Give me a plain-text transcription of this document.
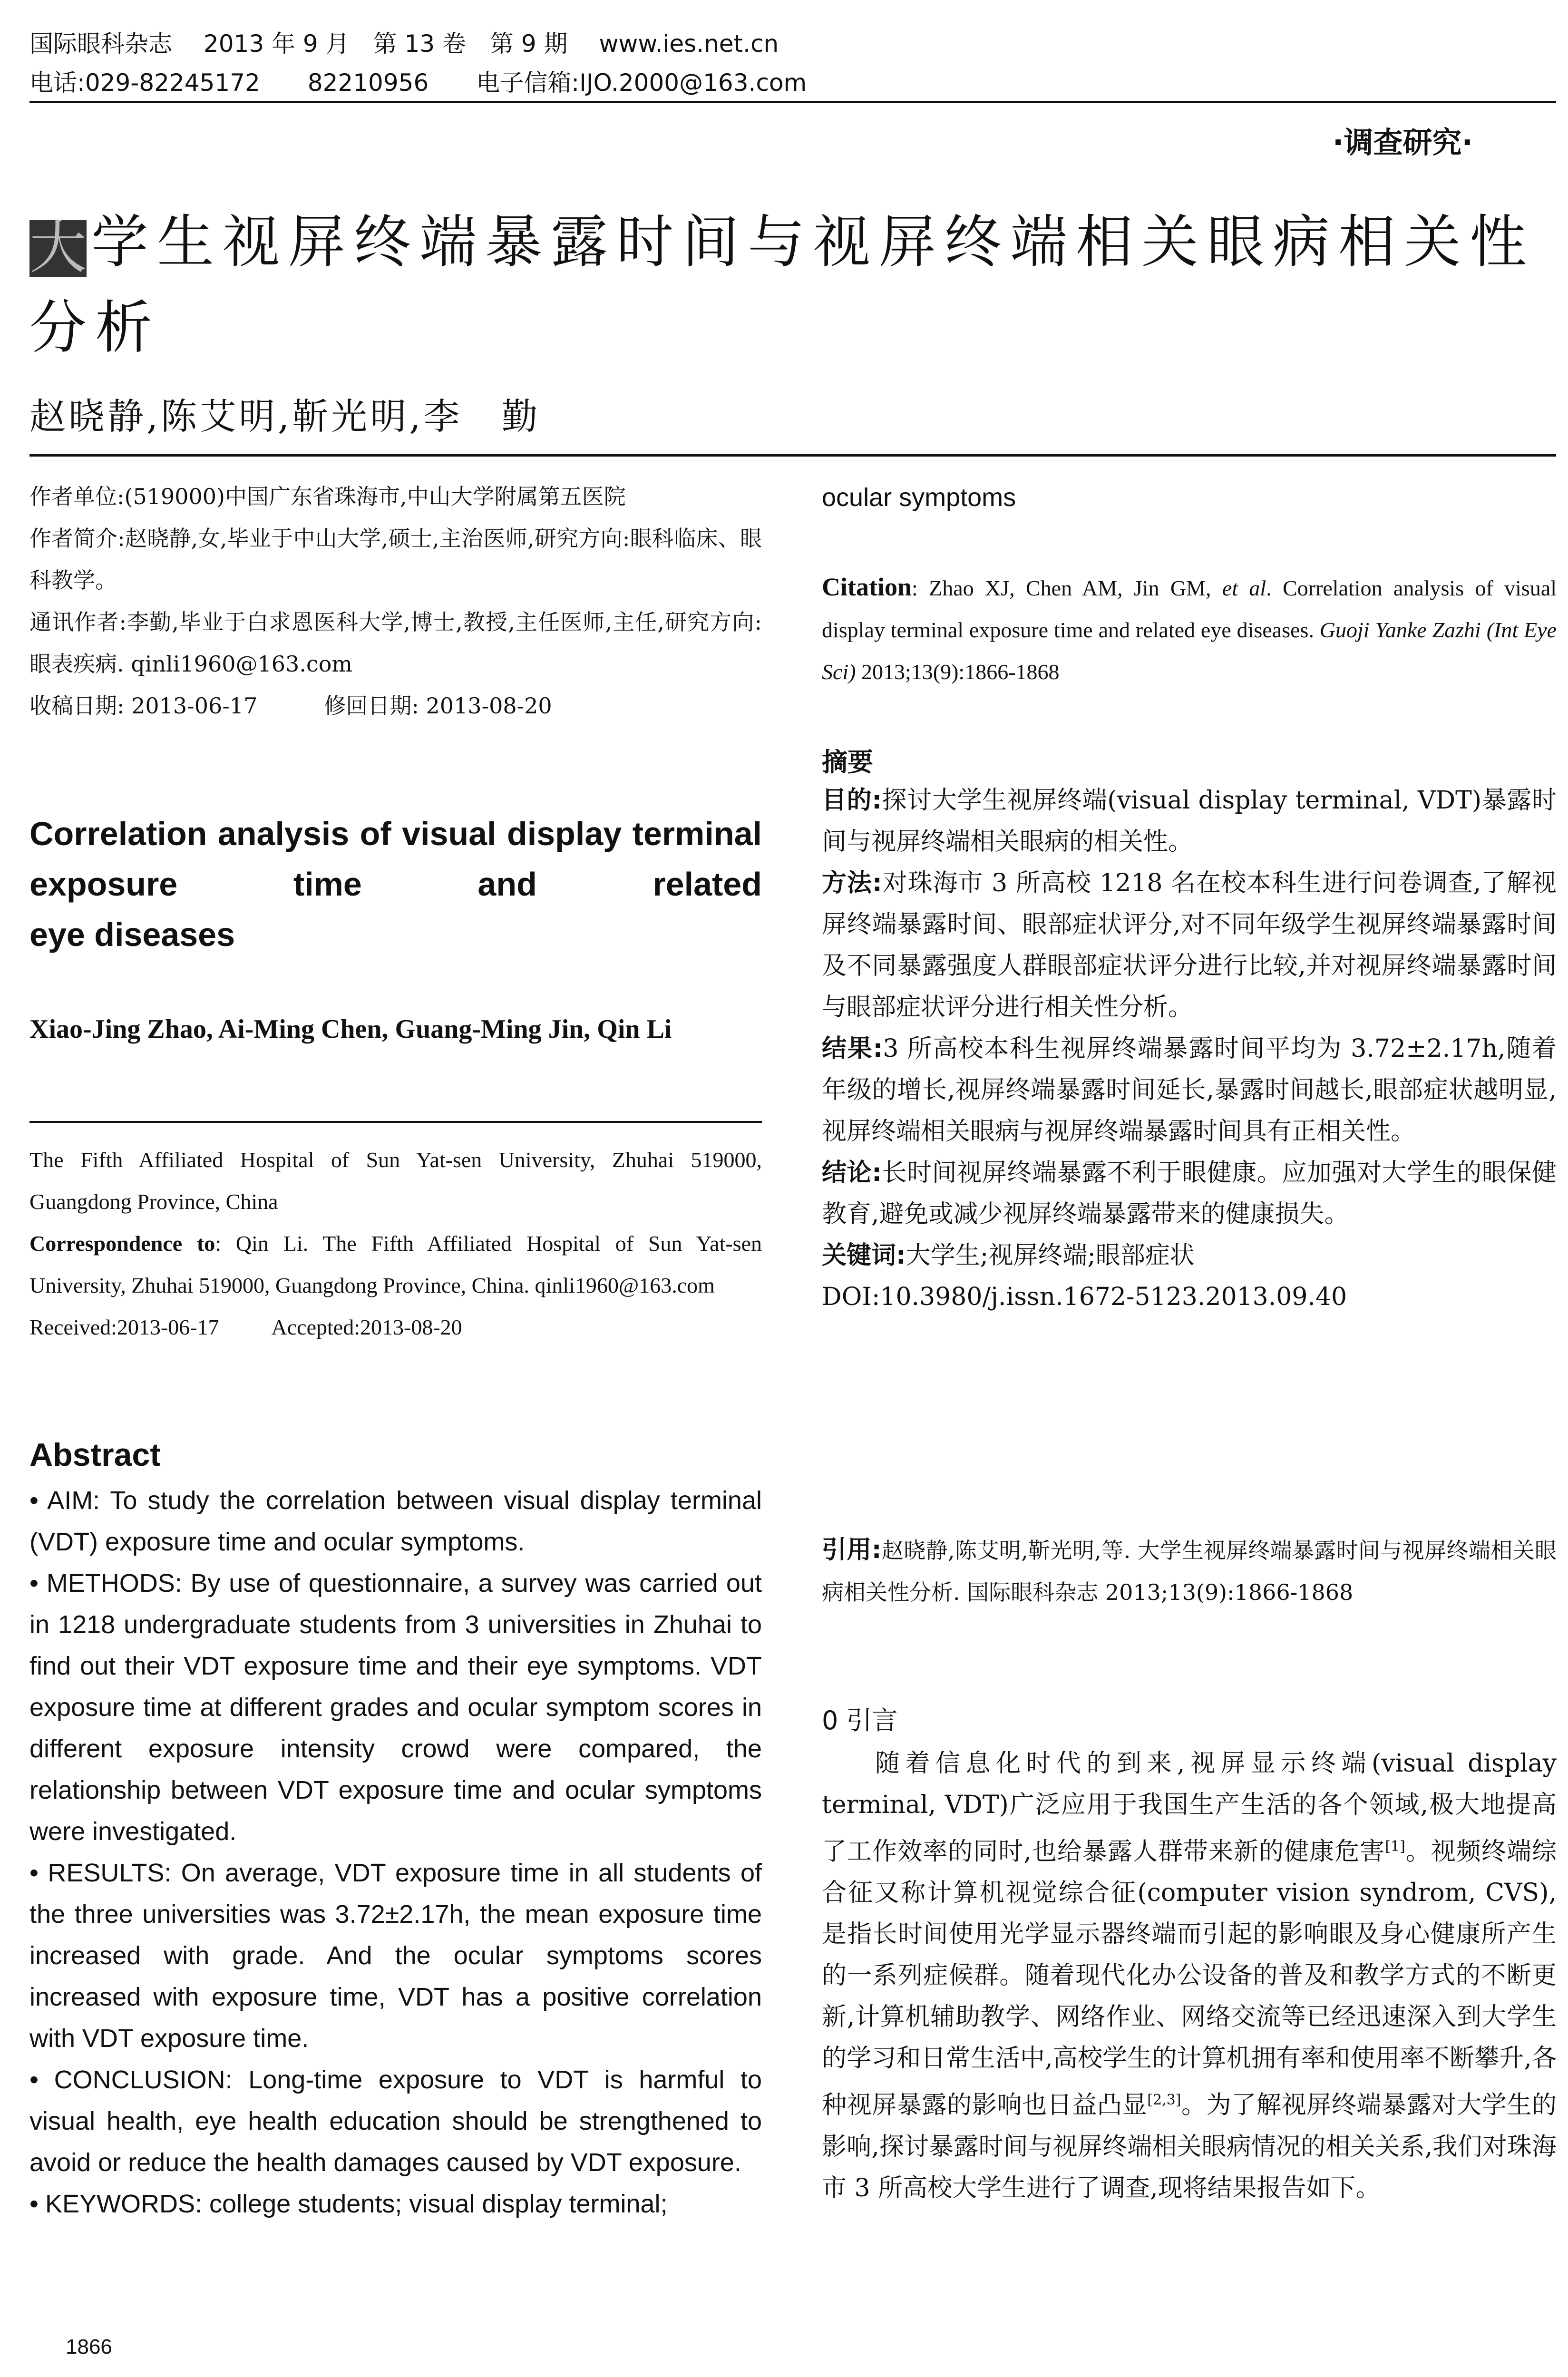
国际眼科杂志　 2013 年 9 月　第 13 卷　第 9 期　 www.ies.net.cn
电话:029-82245172　　82210956　　电子信箱:IJO.2000@163.com
·调查研究·
大学生视屏终端暴露时间与视屏终端相关眼病相关性分析
赵晓静,陈艾明,靳光明,李　勤
作者单位:(519000)中国广东省珠海市,中山大学附属第五医院
作者简介:赵晓静,女,毕业于中山大学,硕士,主治医师,研究方向:眼科临床、眼科教学。
通讯作者:李勤,毕业于白求恩医科大学,博士,教授,主任医师,主任,研究方向:眼表疾病. qinli1960@163.com
收稿日期: 2013-06-17	修回日期: 2013-08-20
Correlation analysis of visual display terminal exposure time and related
eye diseases
Xiao-Jing Zhao, Ai-Ming Chen, Guang-Ming Jin, Qin Li
The Fifth Affiliated Hospital of Sun Yat-sen University, Zhuhai 519000, Guangdong Province, China
Correspondence to: Qin Li. The Fifth Affiliated Hospital of Sun Yat-sen University, Zhuhai 519000, Guangdong Province, China. qinli1960@163.com
Received:2013-06-17 Accepted:2013-08-20
Abstract
• AIM: To study the correlation between visual display terminal (VDT) exposure time and ocular symptoms.
• METHODS: By use of questionnaire, a survey was carried out in 1218 undergraduate students from 3 universities in Zhuhai to find out their VDT exposure time and their eye symptoms. VDT exposure time at different grades and ocular symptom scores in different exposure intensity crowd were compared, the relationship between VDT exposure time and ocular symptoms were investigated.
• RESULTS: On average, VDT exposure time in all students of the three universities was 3.72±2.17h, the mean exposure time increased with grade. And the ocular symptoms scores increased with exposure time, VDT has a positive correlation with VDT exposure time.
• CONCLUSION: Long-time exposure to VDT is harmful to visual health, eye health education should be strengthened to avoid or reduce the health damages caused by VDT exposure.
• KEYWORDS: college students; visual display terminal;
1866
ocular symptoms
Citation: Zhao XJ, Chen AM, Jin GM, et al. Correlation analysis of visual display terminal exposure time and related eye diseases. Guoji Yanke Zazhi (Int Eye Sci) 2013;13(9):1866-1868
摘要
目的:探讨大学生视屏终端(visual display terminal, VDT)暴露时间与视屏终端相关眼病的相关性。
方法:对珠海市 3 所高校 1218 名在校本科生进行问卷调查,了解视屏终端暴露时间、眼部症状评分,对不同年级学生视屏终端暴露时间及不同暴露强度人群眼部症状评分进行比较,并对视屏终端暴露时间与眼部症状评分进行相关性分析。
结果:3 所高校本科生视屏终端暴露时间平均为 3.72±2.17h,随着年级的增长,视屏终端暴露时间延长,暴露时间越长,眼部症状越明显,视屏终端相关眼病与视屏终端暴露时间具有正相关性。
结论:长时间视屏终端暴露不利于眼健康。应加强对大学生的眼保健教育,避免或减少视屏终端暴露带来的健康损失。
关键词:大学生;视屏终端;眼部症状
DOI:10.3980/j.issn.1672-5123.2013.09.40
引用:赵晓静,陈艾明,靳光明,等. 大学生视屏终端暴露时间与视屏终端相关眼病相关性分析. 国际眼科杂志 2013;13(9):1866-1868
0 引言
随着信息化时代的到来,视屏显示终端(visual display terminal, VDT)广泛应用于我国生产生活的各个领域,极大地提高了工作效率的同时,也给暴露人群带来新的健康危害[1]。视频终端综合征又称计算机视觉综合征(computer vision syndrom, CVS),是指长时间使用光学显示器终端而引起的影响眼及身心健康所产生的一系列症候群。随着现代化办公设备的普及和教学方式的不断更新,计算机辅助教学、网络作业、网络交流等已经迅速深入到大学生的学习和日常生活中,高校学生的计算机拥有率和使用率不断攀升,各种视屏暴露的影响也日益凸显[2,3]。为了解视屏终端暴露对大学生的影响,探讨暴露时间与视屏终端相关眼病情况的相关关系,我们对珠海市 3 所高校大学生进行了调查,现将结果报告如下。
